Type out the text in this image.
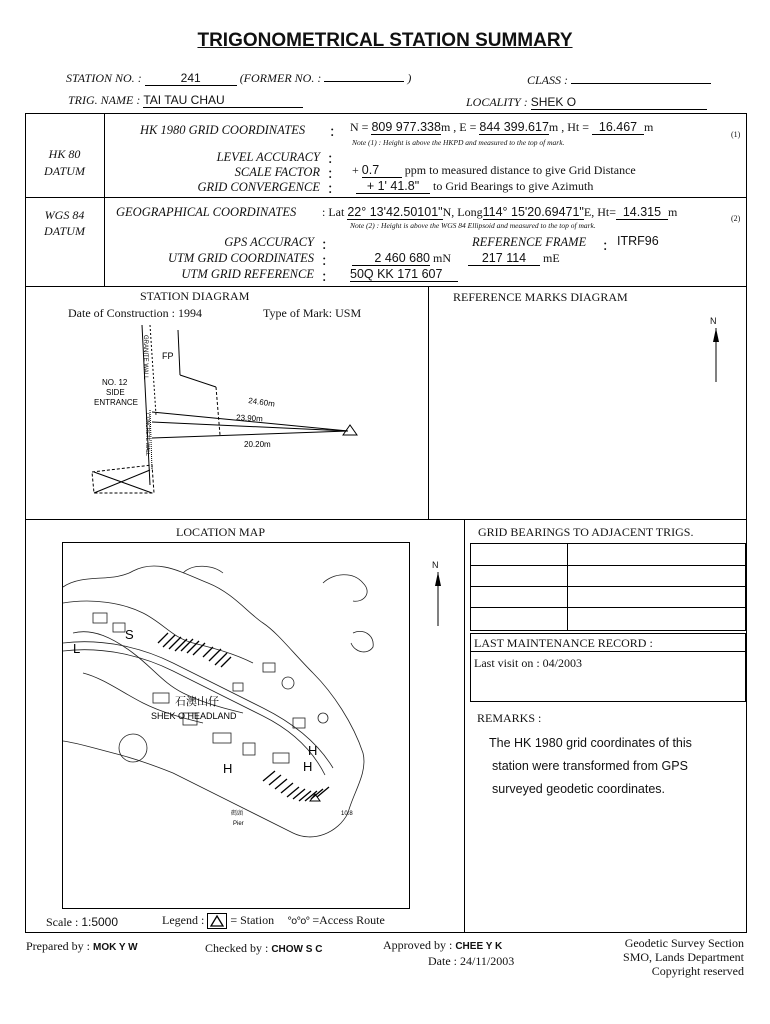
TRIGONOMETRICAL STATION SUMMARY
STATION NO. :	241	(FORMER NO. :	)	CLASS :
TRIG. NAME : TAI TAU CHAU	LOCALITY : SHEK O
HK 80
DATUM
HK 1980 GRID COORDINATES : N = 809 977.338m , E = 844 399.617m , Ht = 16.467 m
(1)
Note (1) : Height is above the HKPD and measured to the top of mark.
LEVEL ACCURACY :
SCALE FACTOR : + 0.7 ppm to measured distance to give Grid Distance
GRID CONVERGENCE :	+ 1' 41.8" to Grid Bearings to give Azimuth
WGS 84
DATUM
GEOGRAPHICAL COORDINATES : Lat 22° 13'42.50101"N, Long114° 15'20.69471"E, Ht= 14.315 m	(2)
Note (2) : Height is above the WGS 84 Ellipsoid and measured to the top of mark.
GPS ACCURACY :	REFERENCE FRAME : ITRF96
UTM GRID COORDINATES :	2 460 680 mN 217 114 mE
UTM GRID REFERENCE : 50Q KK 171 607
STATION DIAGRAM
Date of Construction : 1994	Type of Mark: USM
GRANITE WALL FP
NO. 12
SIDE
ENTRANCE
CONCRETE WALL
24.60m
23.90m
20.20m
REFERENCE MARKS DIAGRAM
N
LOCATION MAP
S
L
石澳山仔
SHEK O HEADLAND
H
H
H
碼頭
Pier
10.8
N
Scale : 1:5000	Legend : = Station °o°o° =Access Route
GRID BEARINGS TO ADJACENT TRIGS.
LAST MAINTENANCE RECORD :
Last visit on : 04/2003
REMARKS :
The HK 1980 grid coordinates of this
station were transformed from GPS
surveyed geodetic coordinates.
Prepared by : MOK Y W	Checked by : CHOW S C	Approved by : CHEE Y K
Date : 24/11/2003
Geodetic Survey Section
SMO, Lands Department
Copyright reserved
